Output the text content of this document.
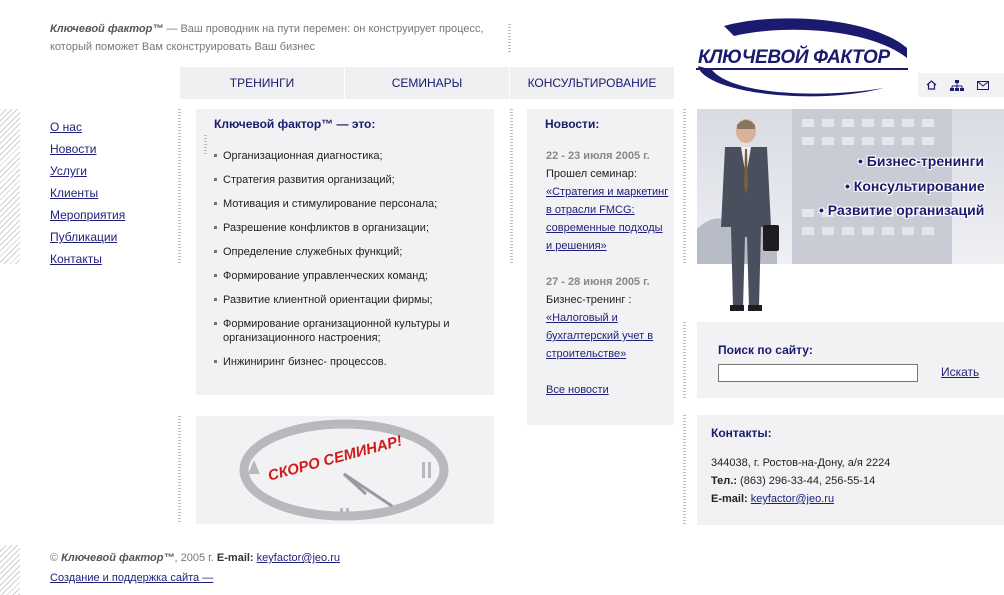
Ключевой фактор™ — Ваш проводник на пути перемен: он конструирует процесс, который поможет Вам сконструировать Ваш бизнес	КЛЮЧЕВОЙ ФАКТОР
ТРЕНИНГИ	СЕМИНАРЫ	КОНСУЛЬТИРОВАНИЕ
О нас
Новости
Услуги
Клиенты
Мероприятия
Публикации
Контакты
Ключевой фактор™ — это:
Организационная диагностика;
Стратегия развития организаций;
Мотивация и стимулирование персонала;
Разрешение конфликтов в организации;
Определение служебных функций;
Формирование управленческих команд;
Развитие клиентной ориентации фирмы;
Формирование организационной культуры и организационного настроения;
Инжиниринг бизнес- процессов.
Новости:
22 - 23 июля 2005 г.
Прошел семинар:
«Стратегия и маркетинг в отрасли FMCG: современные подходы и решения»
27 - 28 июня 2005 г.
Бизнес-тренинг :
«Налоговый и бухгалтерский учет в строительстве»
Все новости
• Бизнес-тренинги
• Консультирование
• Развитие организаций
Поиск по сайту:
Искать
Контакты:
344038, г. Ростов-на-Дону, а/я 2224
Тел.: (863) 296-33-44, 256-55-14
E-mail: keyfactor@jeo.ru
СКОРО СЕМИНАР!
© Ключевой фактор™, 2005 г. E-mail: keyfactor@jeo.ru
Создание и поддержка сайта —
